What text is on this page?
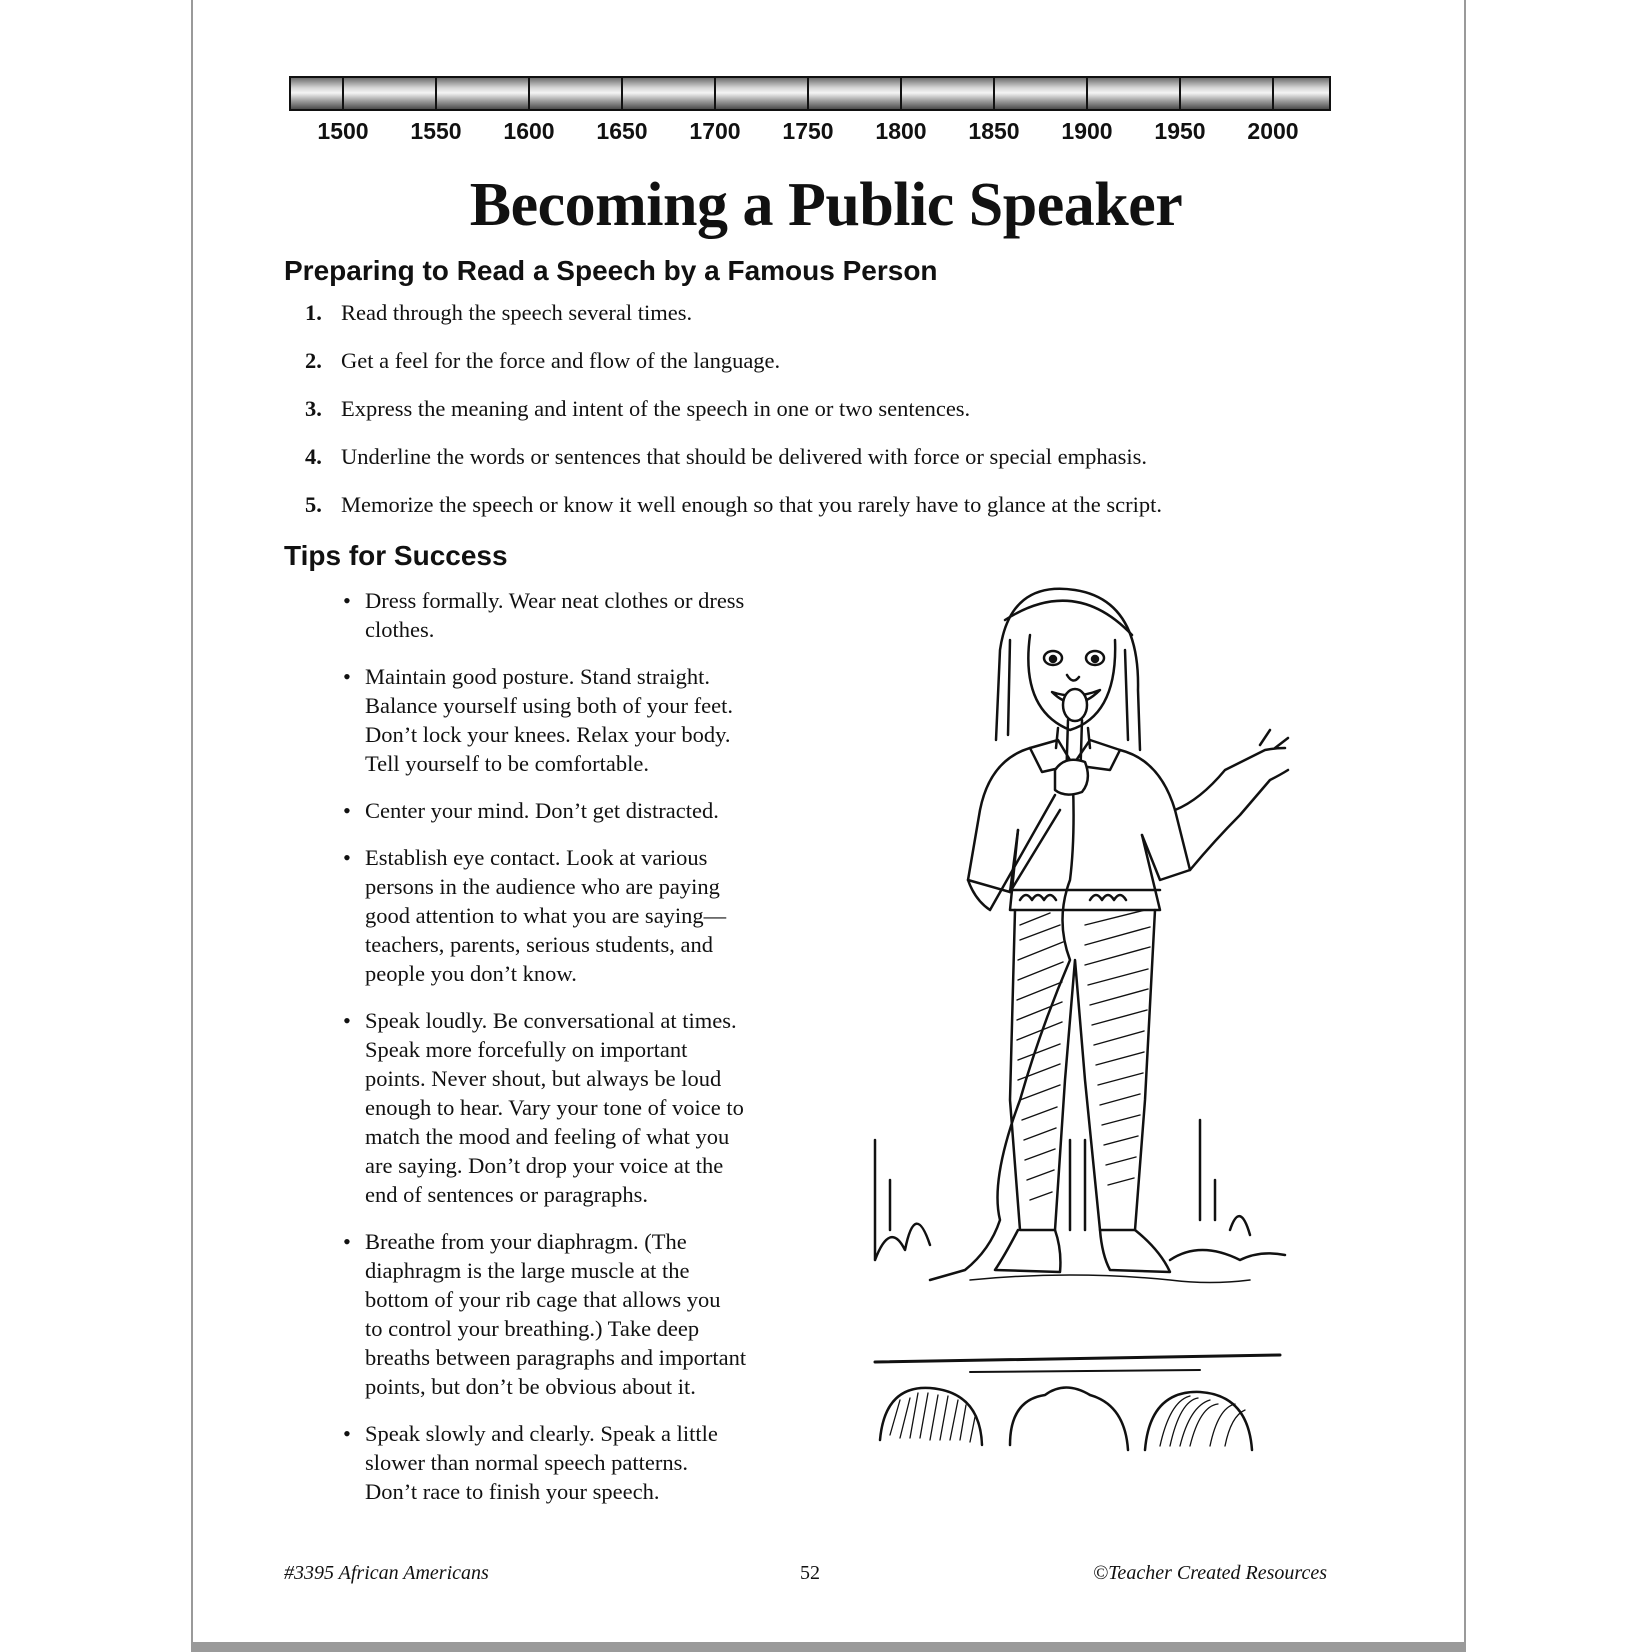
1500	1550	1600	1650	1700	1750	1800	1850	1900	1950	2000
Becoming a Public Speaker
Preparing to Read a Speech by a Famous Person
1. Read through the speech several times.
2. Get a feel for the force and flow of the language.
3. Express the meaning and intent of the speech in one or two sentences.
4. Underline the words or sentences that should be delivered with force or special emphasis.
5. Memorize the speech or know it well enough so that you rarely have to glance at the script.
Tips for Success
• Dress formally. Wear neat clothes or dress
clothes.
• Maintain good posture. Stand straight.
Balance yourself using both of your feet.
Don’t lock your knees. Relax your body.
Tell yourself to be comfortable.
• Center your mind. Don’t get distracted.
• Establish eye contact. Look at various
persons in the audience who are paying
good attention to what you are saying—
teachers, parents, serious students, and
people you don’t know.
• Speak loudly. Be conversational at times.
Speak more forcefully on important
points. Never shout, but always be loud
enough to hear. Vary your tone of voice to
match the mood and feeling of what you
are saying. Don’t drop your voice at the
end of sentences or paragraphs.
• Breathe from your diaphragm. (The
diaphragm is the large muscle at the
bottom of your rib cage that allows you
to control your breathing.) Take deep
breaths between paragraphs and important
points, but don’t be obvious about it.
• Speak slowly and clearly. Speak a little
slower than normal speech patterns.
Don’t race to finish your speech.
#3395 African Americans	52	©Teacher Created Resources
